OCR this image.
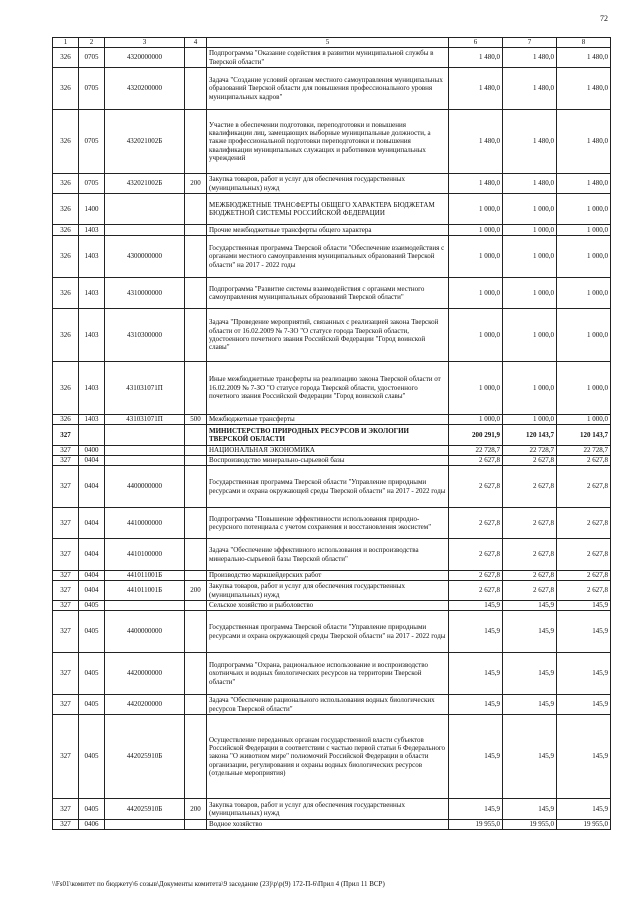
72
1	2	3	4	5	6	7	8
326	0705	4320000000		Подпрограмма "Оказание содействия в развитии муниципальной службы в Тверской области"	1 480,0	1 480,0	1 480,0
326	0705	4320200000		Задача "Создание условий органам местного самоуправления муниципальных образований Тверской области для повышения профессионального уровня муниципальных кадров"	1 480,0	1 480,0	1 480,0
326	0705	432021002Б		Участие в обеспечении подготовки, переподготовки и повышения квалификации лиц, замещающих выборные муниципальные должности, а также профессиональной подготовки переподготовки и повышения квалификации муниципальных служащих и работников муниципальных учреждений	1 480,0	1 480,0	1 480,0
326	0705	432021002Б	200	Закупка товаров, работ и услуг для обеспечения государственных (муниципальных) нужд	1 480,0	1 480,0	1 480,0
326	1400			МЕЖБЮДЖЕТНЫЕ ТРАНСФЕРТЫ ОБЩЕГО ХАРАКТЕРА БЮДЖЕТАМ БЮДЖЕТНОЙ СИСТЕМЫ РОССИЙСКОЙ ФЕДЕРАЦИИ	1 000,0	1 000,0	1 000,0
326	1403			Прочие межбюджетные трансферты общего характера	1 000,0	1 000,0	1 000,0
326	1403	4300000000		Государственная программа Тверской области "Обеспечение взаимодействия с органами местного самоуправления муниципальных образований Тверской области" на 2017 - 2022 годы	1 000,0	1 000,0	1 000,0
326	1403	4310000000		Подпрограмма "Развитие системы взаимодействия с органами местного самоуправления муниципальных образований Тверской области"	1 000,0	1 000,0	1 000,0
326	1403	4310300000		Задача "Проведение мероприятий, связанных с реализацией закона Тверской области от 16.02.2009 № 7-ЗО "О статусе города Тверской области, удостоенного почетного звания Российской Федерации "Город воинской славы"	1 000,0	1 000,0	1 000,0
326	1403	431031071П		Иные межбюджетные трансферты на реализацию закона Тверской области от 16.02.2009 № 7-ЗО "О статусе города Тверской области, удостоенного почетного звания Российской Федерации "Город воинской славы"	1 000,0	1 000,0	1 000,0
326	1403	431031071П	500	Межбюджетные трансферты	1 000,0	1 000,0	1 000,0
327				МИНИСТЕРСТВО ПРИРОДНЫХ РЕСУРСОВ И ЭКОЛОГИИ ТВЕРСКОЙ ОБЛАСТИ	200 291,9	120 143,7	120 143,7
327	0400			НАЦИОНАЛЬНАЯ ЭКОНОМИКА	22 728,7	22 728,7	22 728,7
327	0404			Воспроизводство минерально-сырьевой базы	2 627,8	2 627,8	2 627,8
327	0404	4400000000		Государственная программа Тверской области "Управление природными ресурсами и охрана окружающей среды Тверской области" на 2017 - 2022 годы	2 627,8	2 627,8	2 627,8
327	0404	4410000000		Подпрограмма "Повышение эффективности использования природно-ресурсного потенциала с учетом сохранения и восстановления экосистем"	2 627,8	2 627,8	2 627,8
327	0404	4410100000		Задача "Обеспечение эффективного использования и воспроизводства минерально-сырьевой базы Тверской области"	2 627,8	2 627,8	2 627,8
327	0404	441011001Б		Производство маркшейдерских работ	2 627,8	2 627,8	2 627,8
327	0404	441011001Б	200	Закупка товаров, работ и услуг для обеспечения государственных (муниципальных) нужд	2 627,8	2 627,8	2 627,8
327	0405			Сельское хозяйство и рыболовство	145,9	145,9	145,9
327	0405	4400000000		Государственная программа Тверской области "Управление природными ресурсами и охрана окружающей среды Тверской области" на 2017 - 2022 годы	145,9	145,9	145,9
327	0405	4420000000		Подпрограмма "Охрана, рациональное использование и воспроизводство охотничьих и водных биологических ресурсов на территории Тверской области"	145,9	145,9	145,9
327	0405	4420200000		Задача "Обеспечение рационального использования водных биологических ресурсов Тверской области"	145,9	145,9	145,9
327	0405	442025910Б		Осуществление переданных органам государственной власти субъектов Российской Федерации в соответствии с частью первой статьи 6 Федерального закона "О животном мире" полномочий Российской Федерации в области организации, регулирования и охраны водных биологических ресурсов (отдельные мероприятия)	145,9	145,9	145,9
327	0405	442025910Б	200	Закупка товаров, работ и услуг для обеспечения государственных (муниципальных) нужд	145,9	145,9	145,9
327	0406			Водное хозяйство	19 955,0	19 955,0	19 955,0
\\Fs01\комитет по бюджету\6 созыв\Документы комитета\9 заседание (23)\p\p(9) 172-П-6\Прил 4 (Прил 11 ВСР)
